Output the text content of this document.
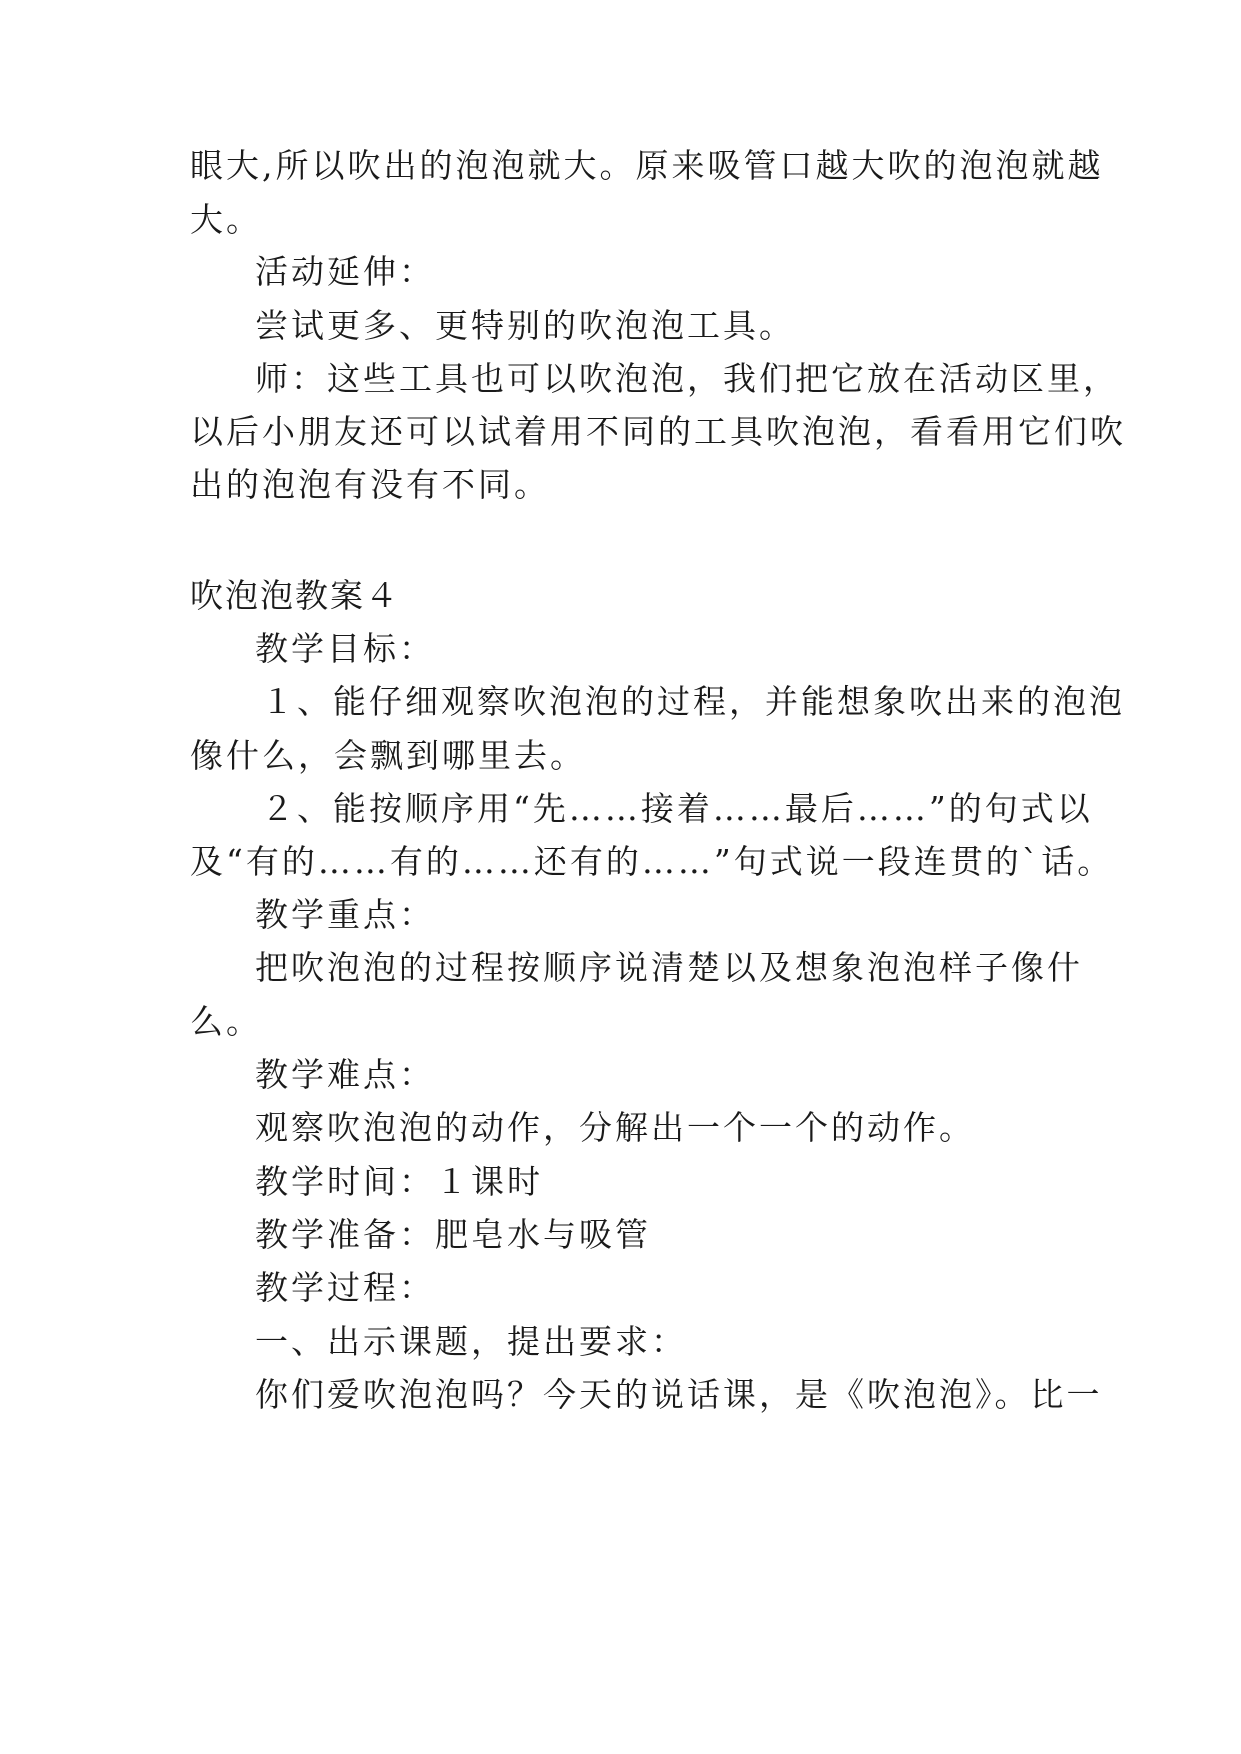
眼大,所以吹出的泡泡就大。原来吸管口越大吹的泡泡就越
大。
活动延伸：
尝试更多、更特别的吹泡泡工具。
师：这些工具也可以吹泡泡，我们把它放在活动区里，
以后小朋友还可以试着用不同的工具吹泡泡，看看用它们吹
出的泡泡有没有不同。
吹泡泡教案４
教学目标：
１、能仔细观察吹泡泡的过程，并能想象吹出来的泡泡
像什么，会飘到哪里去。
２、能按顺序用“先……接着……最后……”的句式以
及“有的……有的……还有的……”句式说一段连贯的`话。
教学重点：
把吹泡泡的过程按顺序说清楚以及想象泡泡样子像什
么。
教学难点：
观察吹泡泡的动作，分解出一个一个的动作。
教学时间：１课时
教学准备：肥皂水与吸管
教学过程：
一、出示课题，提出要求：
你们爱吹泡泡吗？今天的说话课，是《吹泡泡》。比一
